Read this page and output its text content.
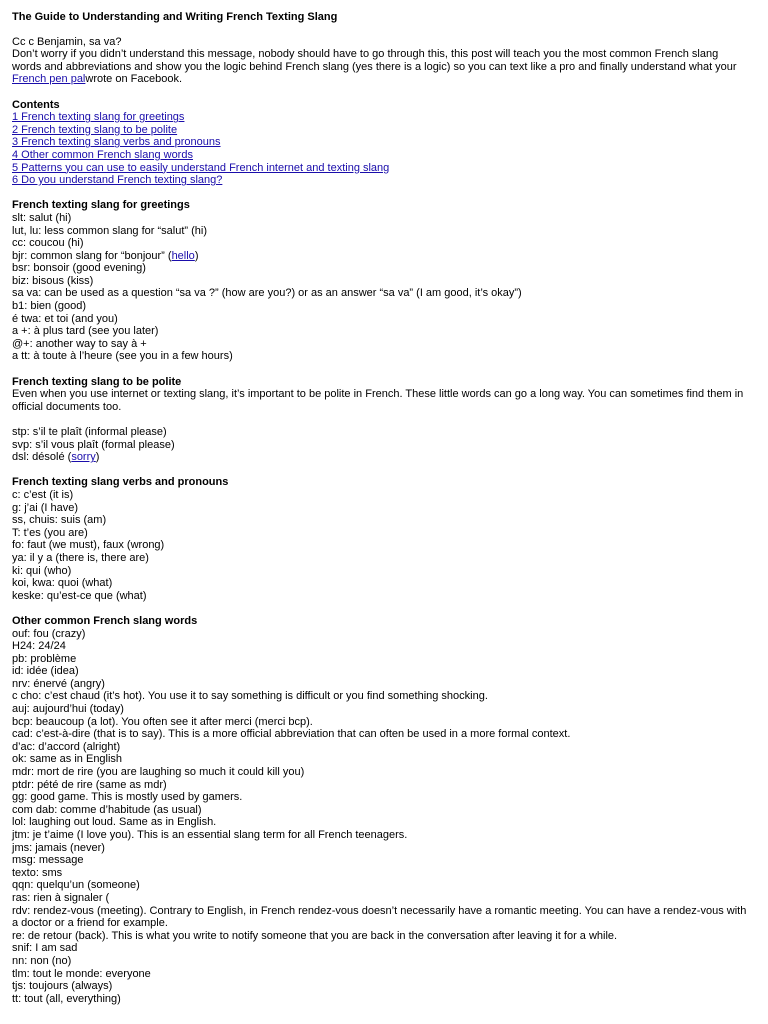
The Guide to Understanding and Writing French Texting Slang
Cc c Benjamin, sa va?
Don’t worry if you didn’t understand this message, nobody should have to go through this, this post will teach you the most common French slang words and abbreviations and show you the logic behind French slang (yes there is a logic) so you can text like a pro and finally understand what your French pen palwrote on Facebook.
Contents
1 French texting slang for greetings
2 French texting slang to be polite
3 French texting slang verbs and pronouns
4 Other common French slang words
5 Patterns you can use to easily understand French internet and texting slang
6 Do you understand French texting slang?
French texting slang for greetings
slt: salut (hi)
lut, lu: less common slang for “salut” (hi)
cc: coucou (hi)
bjr: common slang for “bonjour” (hello)
bsr: bonsoir (good evening)
biz: bisous (kiss)
sa va: can be used as a question “sa va ?” (how are you?) or as an answer “sa va” (I am good, it’s okay”)
b1: bien (good)
é twa: et toi (and you)
a +: à plus tard (see you later)
@+: another way to say à +
a tt: à toute à l’heure (see you in a few hours)
French texting slang to be polite
Even when you use internet or texting slang, it’s important to be polite in French. These little words can go a long way. You can sometimes find them in official documents too.
stp: s’il te plaît (informal please)
svp: s’il vous plaît (formal please)
dsl: désolé (sorry)
French texting slang verbs and pronouns
c: c’est (it is)
g: j’ai (I have)
ss, chuis: suis (am)
T: t’es (you are)
fo: faut (we must), faux (wrong)
ya: il y a (there is, there are)
ki: qui (who)
koi, kwa: quoi (what)
keske: qu’est-ce que (what)
Other common French slang words
ouf: fou (crazy)
H24: 24/24
pb: problème
id: idée (idea)
nrv: énervé (angry)
c cho: c’est chaud (it’s hot). You use it to say something is difficult or you find something shocking.
auj: aujourd’hui (today)
bcp: beaucoup (a lot). You often see it after merci (merci bcp).
cad: c’est-à-dire (that is to say). This is a more official abbreviation that can often be used in a more formal context.
d’ac: d’accord (alright)
ok: same as in English
mdr: mort de rire (you are laughing so much it could kill you)
ptdr: pété de rire (same as mdr)
gg: good game. This is mostly used by gamers.
com dab: comme d’habitude (as usual)
lol: laughing out loud. Same as in English.
jtm: je t’aime (I love you). This is an essential slang term for all French teenagers.
jms: jamais (never)
msg: message
texto: sms
qqn: quelqu’un (someone)
ras: rien à signaler (
rdv: rendez-vous (meeting). Contrary to English, in French rendez-vous doesn’t necessarily have a romantic meeting. You can have a rendez-vous with a doctor or a friend for example.
re: de retour (back). This is what you write to notify someone that you are back in the conversation after leaving it for a while.
snif: I am sad
nn: non (no)
tlm: tout le monde: everyone
tjs: toujours (always)
tt: tout (all, everything)
